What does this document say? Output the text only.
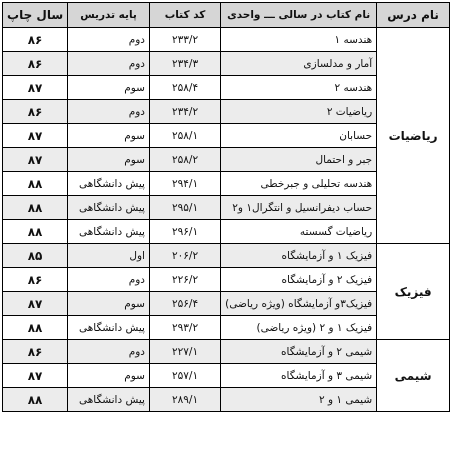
نام درس	نام کتاب در سالی ـــ واحدی	کد کتاب	پایه تدریس	سال چاپ
ریاضیات	هندسه ۱	۲۳۳/۲	دوم	۸۶
	آمار و مدلسازی	۲۳۴/۳	دوم	۸۶
	هندسه ۲	۲۵۸/۴	سوم	۸۷
	ریاضیات ۲	۲۳۴/۲	دوم	۸۶
	حسابان	۲۵۸/۱	سوم	۸۷
	جبر و احتمال	۲۵۸/۲	سوم	۸۷
	هندسه تحلیلی و جبرخطی	۲۹۴/۱	پیش دانشگاهی	۸۸
	حساب دیفرانسیل و انتگرال۱ و۲	۲۹۵/۱	پیش دانشگاهی	۸۸
	ریاضیات گسسته	۲۹۶/۱	پیش دانشگاهی	۸۸
فیزیک	فیزیک ۱ و آزمایشگاه	۲۰۶/۲	اول	۸۵
	فیزیک ۲ و آزمایشگاه	۲۲۶/۲	دوم	۸۶
	فیزیک۳و آزمایشگاه (ویژه ریاضی)	۲۵۶/۴	سوم	۸۷
	فیزیک ۱ و ۲ (ویژه ریاضی)	۲۹۳/۲	پیش دانشگاهی	۸۸
شیمی	شیمی ۲ و آزمایشگاه	۲۲۷/۱	دوم	۸۶
	شیمی ۳ و آزمایشگاه	۲۵۷/۱	سوم	۸۷
	شیمی ۱ و ۲	۲۸۹/۱	پیش دانشگاهی	۸۸
